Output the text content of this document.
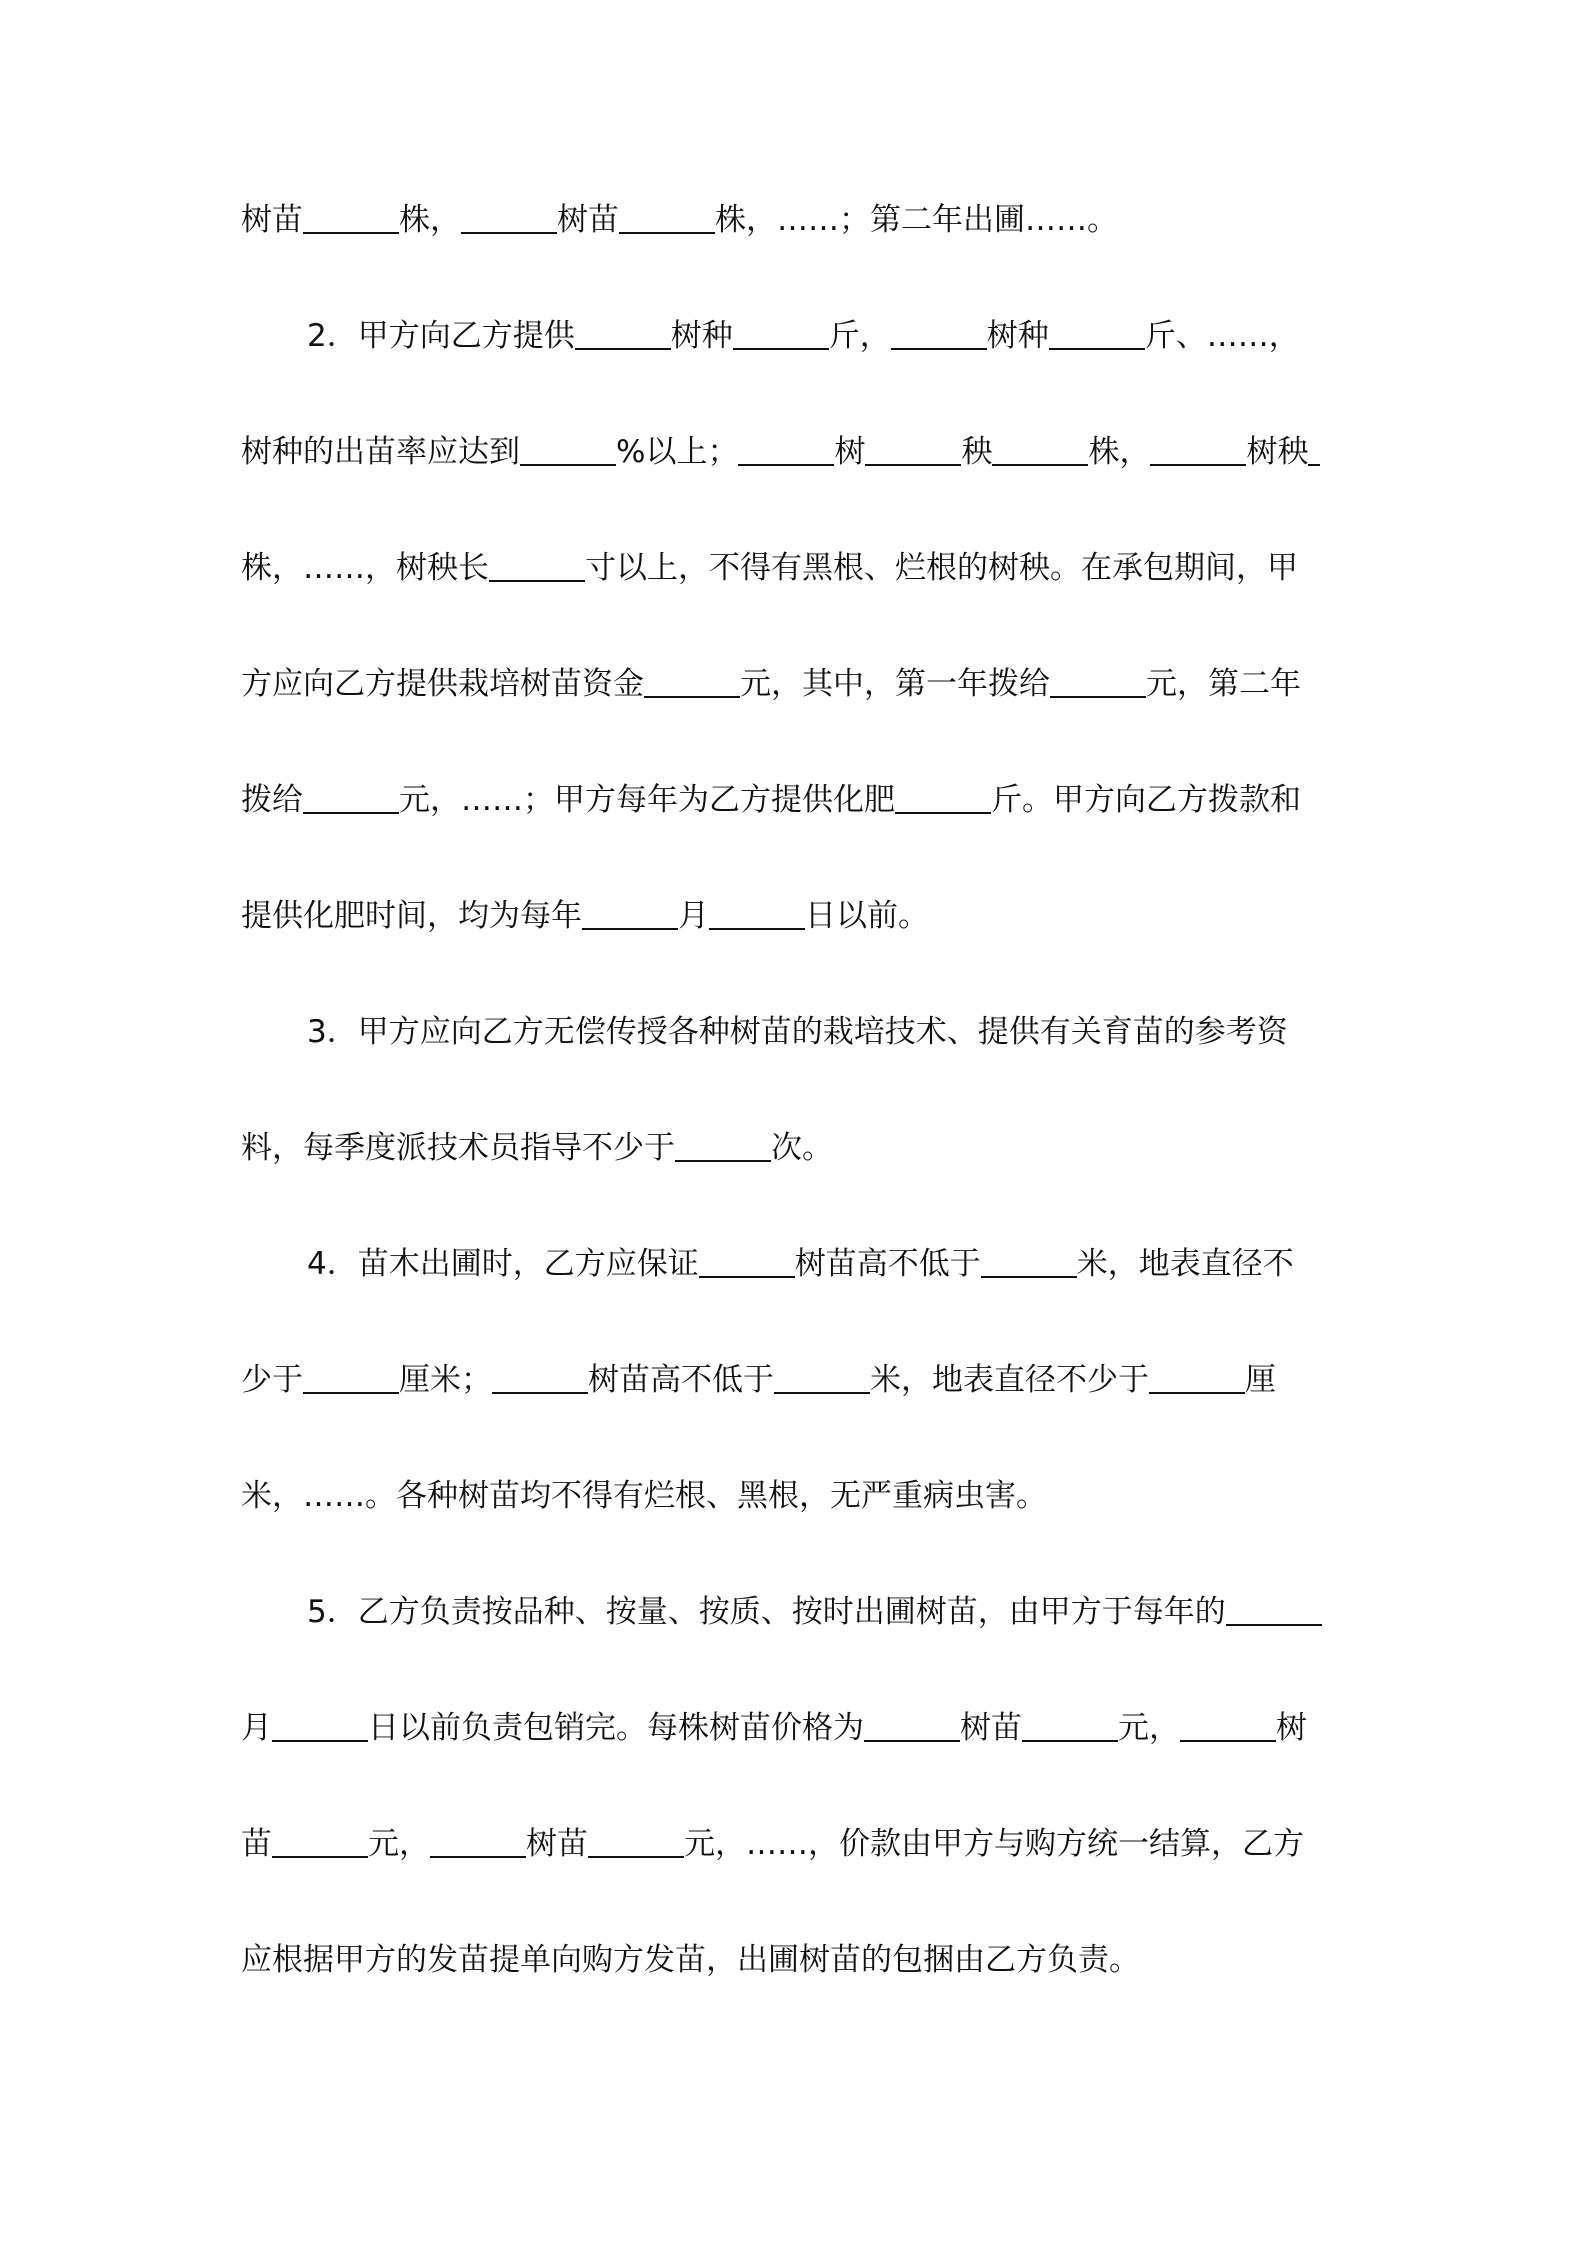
树苗	株，	树苗	株，……；第二年出圃……。
2．甲方向乙方提供	树种	斤，	树种	斤、……，
树种的出苗率应达到	%以上；	树	秧	株，	树秧
株，……，树秧长	寸以上，不得有黑根、烂根的树秧。在承包期间，甲
方应向乙方提供栽培树苗资金	元，其中，第一年拨给	元，第二年
拨给	元，……；甲方每年为乙方提供化肥	斤。甲方向乙方拨款和
提供化肥时间，均为每年	月	日以前。
3．甲方应向乙方无偿传授各种树苗的栽培技术、提供有关育苗的参考资
料，每季度派技术员指导不少于	次。
4．苗木出圃时，乙方应保证	树苗高不低于	米，地表直径不
少于	厘米；	树苗高不低于	米，地表直径不少于	厘
米，……。各种树苗均不得有烂根、黑根，无严重病虫害。
5．乙方负责按品种、按量、按质、按时出圃树苗，由甲方于每年的
月	日以前负责包销完。每株树苗价格为	树苗	元，	树
苗	元，	树苗	元，……，价款由甲方与购方统一结算，乙方
应根据甲方的发苗提单向购方发苗，出圃树苗的包捆由乙方负责。
